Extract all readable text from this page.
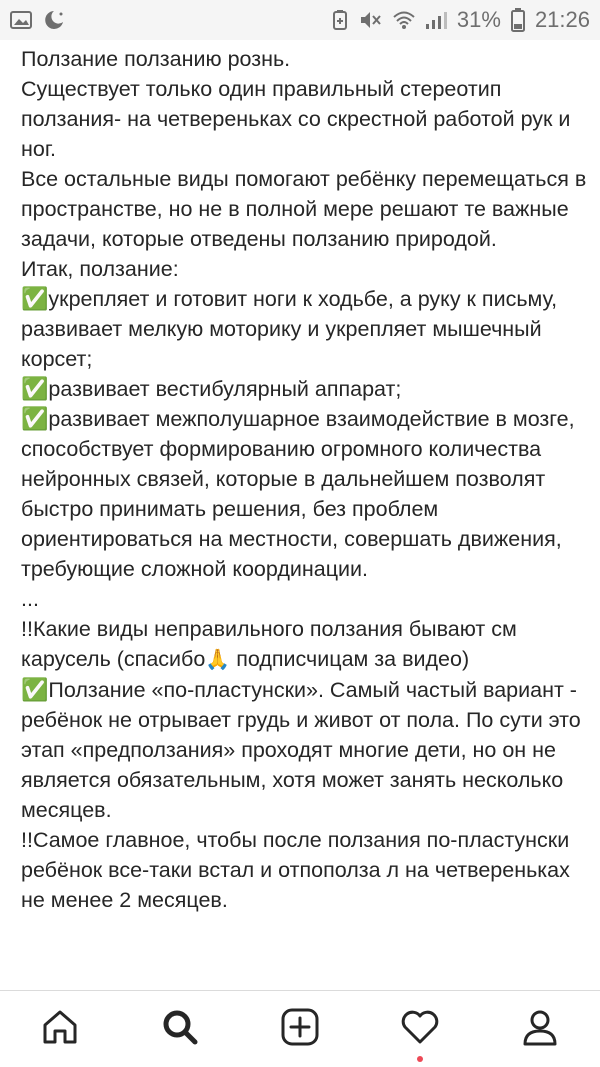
31% 21:26
Ползание ползанию рознь.
Существует только один правильный стереотип ползания- на четвереньках со скрестной работой рук и ног.
Все остальные виды помогают ребёнку перемещаться в пространстве, но не в полной мере решают те важные задачи, которые отведены ползанию природой.
Итак, ползание:
✅укрепляет и готовит ноги к ходьбе, а руку к письму, развивает мелкую моторику и укрепляет мышечный корсет;
✅развивает вестибулярный аппарат;
✅развивает межполушарное взаимодействие в мозге, способствует формированию огромного количества нейронных связей, которые в дальнейшем позволят быстро принимать решения, без проблем ориентироваться на местности, совершать движения, требующие сложной координации.
...
!!Какие виды неправильного ползания бывают см карусель (спасибо🙏 подписчицам за видео)
✅Ползание «по-пластунски». Самый частый вариант - ребёнок не отрывает грудь и живот от пола. По сути это этап «предползания» проходят многие дети, но он не является обязательным, хотя может занять несколько месяцев.
!!Самое главное, чтобы после ползания по-пластунски ребёнок все-таки встал и отпополза л на четвереньках не менее 2 месяцев.
